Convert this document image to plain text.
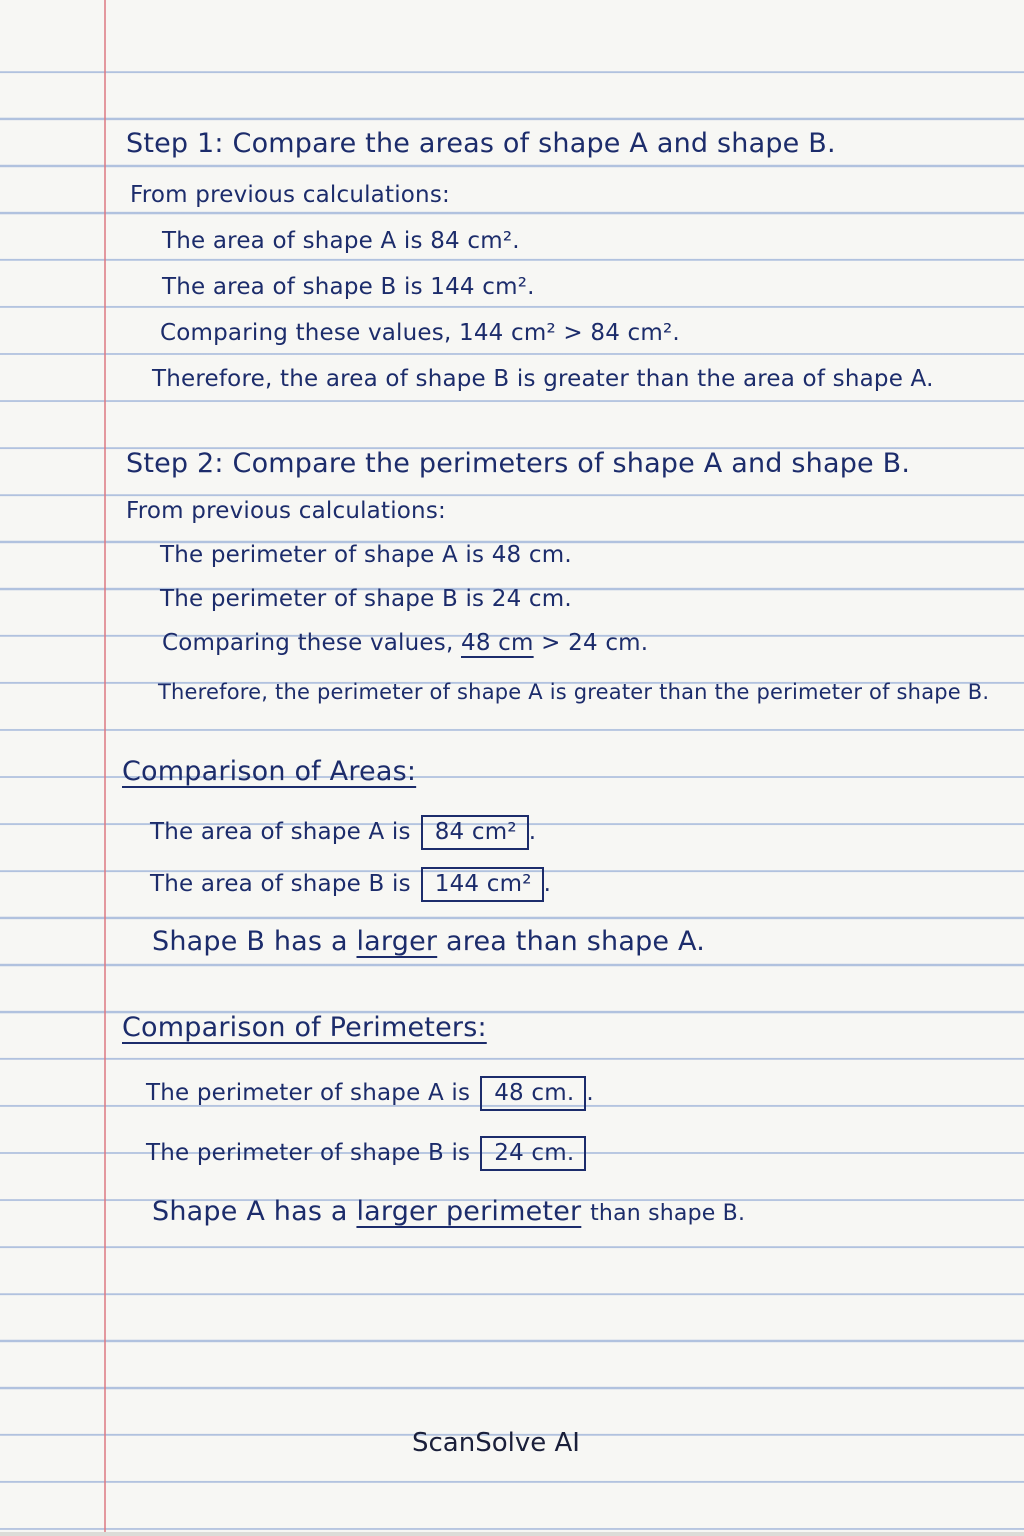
Step 1: Compare the areas of shape A and shape B.

From previous calculations:

The area of shape A is 84 cm².

The area of shape B is 144 cm².

Comparing these values, 144 cm² > 84 cm².

Therefore, the area of shape B is greater than the area of shape A.

Step 2: Compare the perimeters of shape A and shape B.

From previous calculations:

The perimeter of shape A is 48 cm.

The perimeter of shape B is 24 cm.

Comparing these values, 48 cm > 24 cm.

Therefore, the perimeter of shape A is greater than the perimeter of shape B.

Comparison of Areas:

The area of shape A is 84 cm² .

The area of shape B is 144 cm² .

Shape B has a larger area than shape A.

Comparison of Perimeters:

The perimeter of shape A is 48 cm. .

The perimeter of shape B is 24 cm.

Shape A has a larger perimeter than shape B.

ScanSolve AI
